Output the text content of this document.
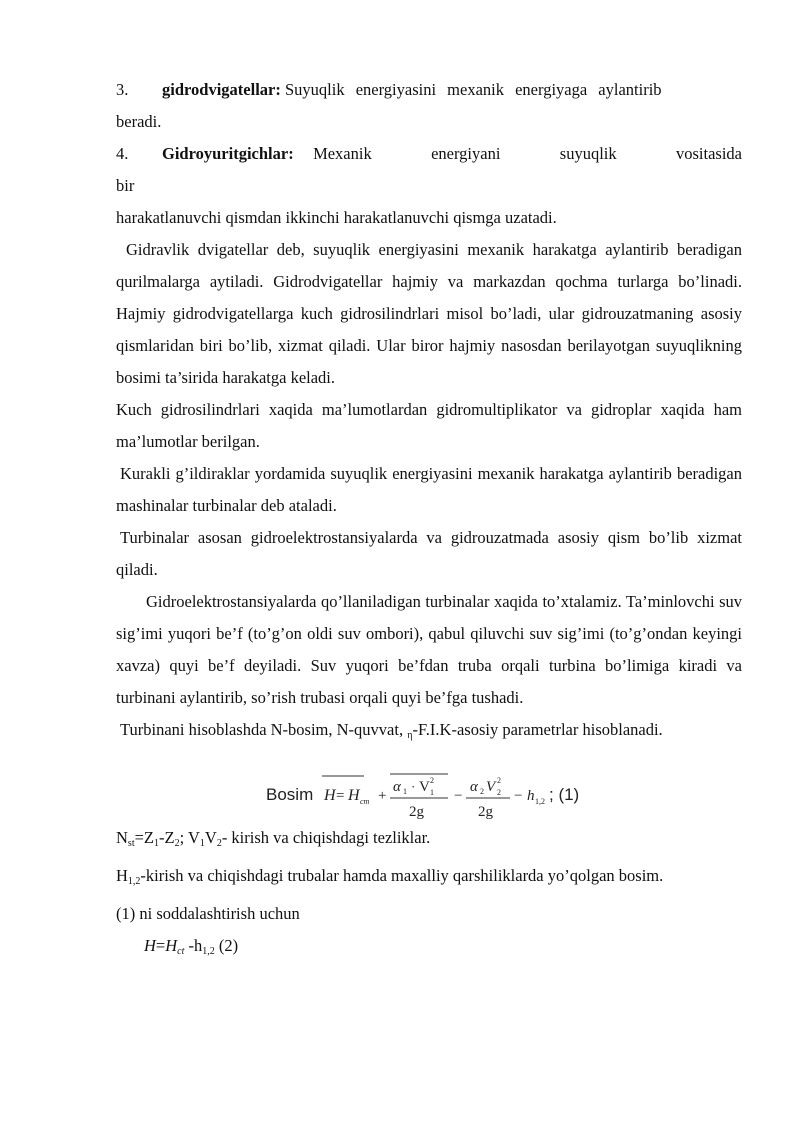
3. gidrodvigatellar: Suyuqlik energiyasini mexanik energiyaga aylantirib
beradi.

4. Gidroyuritgichlar: Mexanik energiyani suyuqlik vositasida bir
harakatlanuvchi qismdan ikkinchi harakatlanuvchi qismga uzatadi.

Gidravlik dvigatellar deb, suyuqlik energiyasini mexanik harakatga aylantirib beradigan qurilmalarga aytiladi. Gidrodvigatellar hajmiy va markazdan qochma turlarga bo’linadi. Hajmiy gidrodvigatellarga kuch gidrosilindrlari misol bo’ladi, ular gidrouzatmaning asosiy qismlaridan biri bo’lib, xizmat qiladi. Ular biror hajmiy nasosdan berilayotgan suyuqlikning bosimi ta’sirida harakatga keladi.

Kuch gidrosilindrlari xaqida ma’lumotlardan gidromultiplikator va gidroplar xaqida ham ma’lumotlar berilgan.

Kurakli g’ildiraklar yordamida suyuqlik energiyasini mexanik harakatga aylantirib beradigan mashinalar turbinalar deb ataladi.

Turbinalar asosan gidroelektrostansiyalarda va gidrouzatmada asosiy qism bo’lib xizmat qiladi.

Gidroelektrostansiyalarda qo’llaniladigan turbinalar xaqida to’xtalamiz. Ta’minlovchi suv sig’imi yuqori be’f (to’g’on oldi suv ombori), qabul qiluvchi suv sig’imi (to’g’ondan keyingi xavza) quyi be’f deyiladi. Suv yuqori be’fdan truba orqali turbina bo’limiga kiradi va turbinani aylantirib, so’rish trubasi orqali quyi be’fga tushadi.

Turbinani hisoblashda N-bosim, N-quvvat, $_\eta$-F.I.K-asosiy parametrlar hisoblanadi.

Bosim H = H ст +
α 1 · V 2
1
2g
−
α 2 V 2
2
2g
− h 1,2 ; (1)

$N_{st}=Z_1-Z_2$; $V_1V_2-$ kirish va chiqishdagi tezliklar.

$H_{1,2}$-kirish va chiqishdagi trubalar hamda maxalliy qarshiliklarda yo’qolgan bosim.

(1) ni soddalashtirish uchun

$H=H_{ct}$ $-h_{1,2}$ (2)
